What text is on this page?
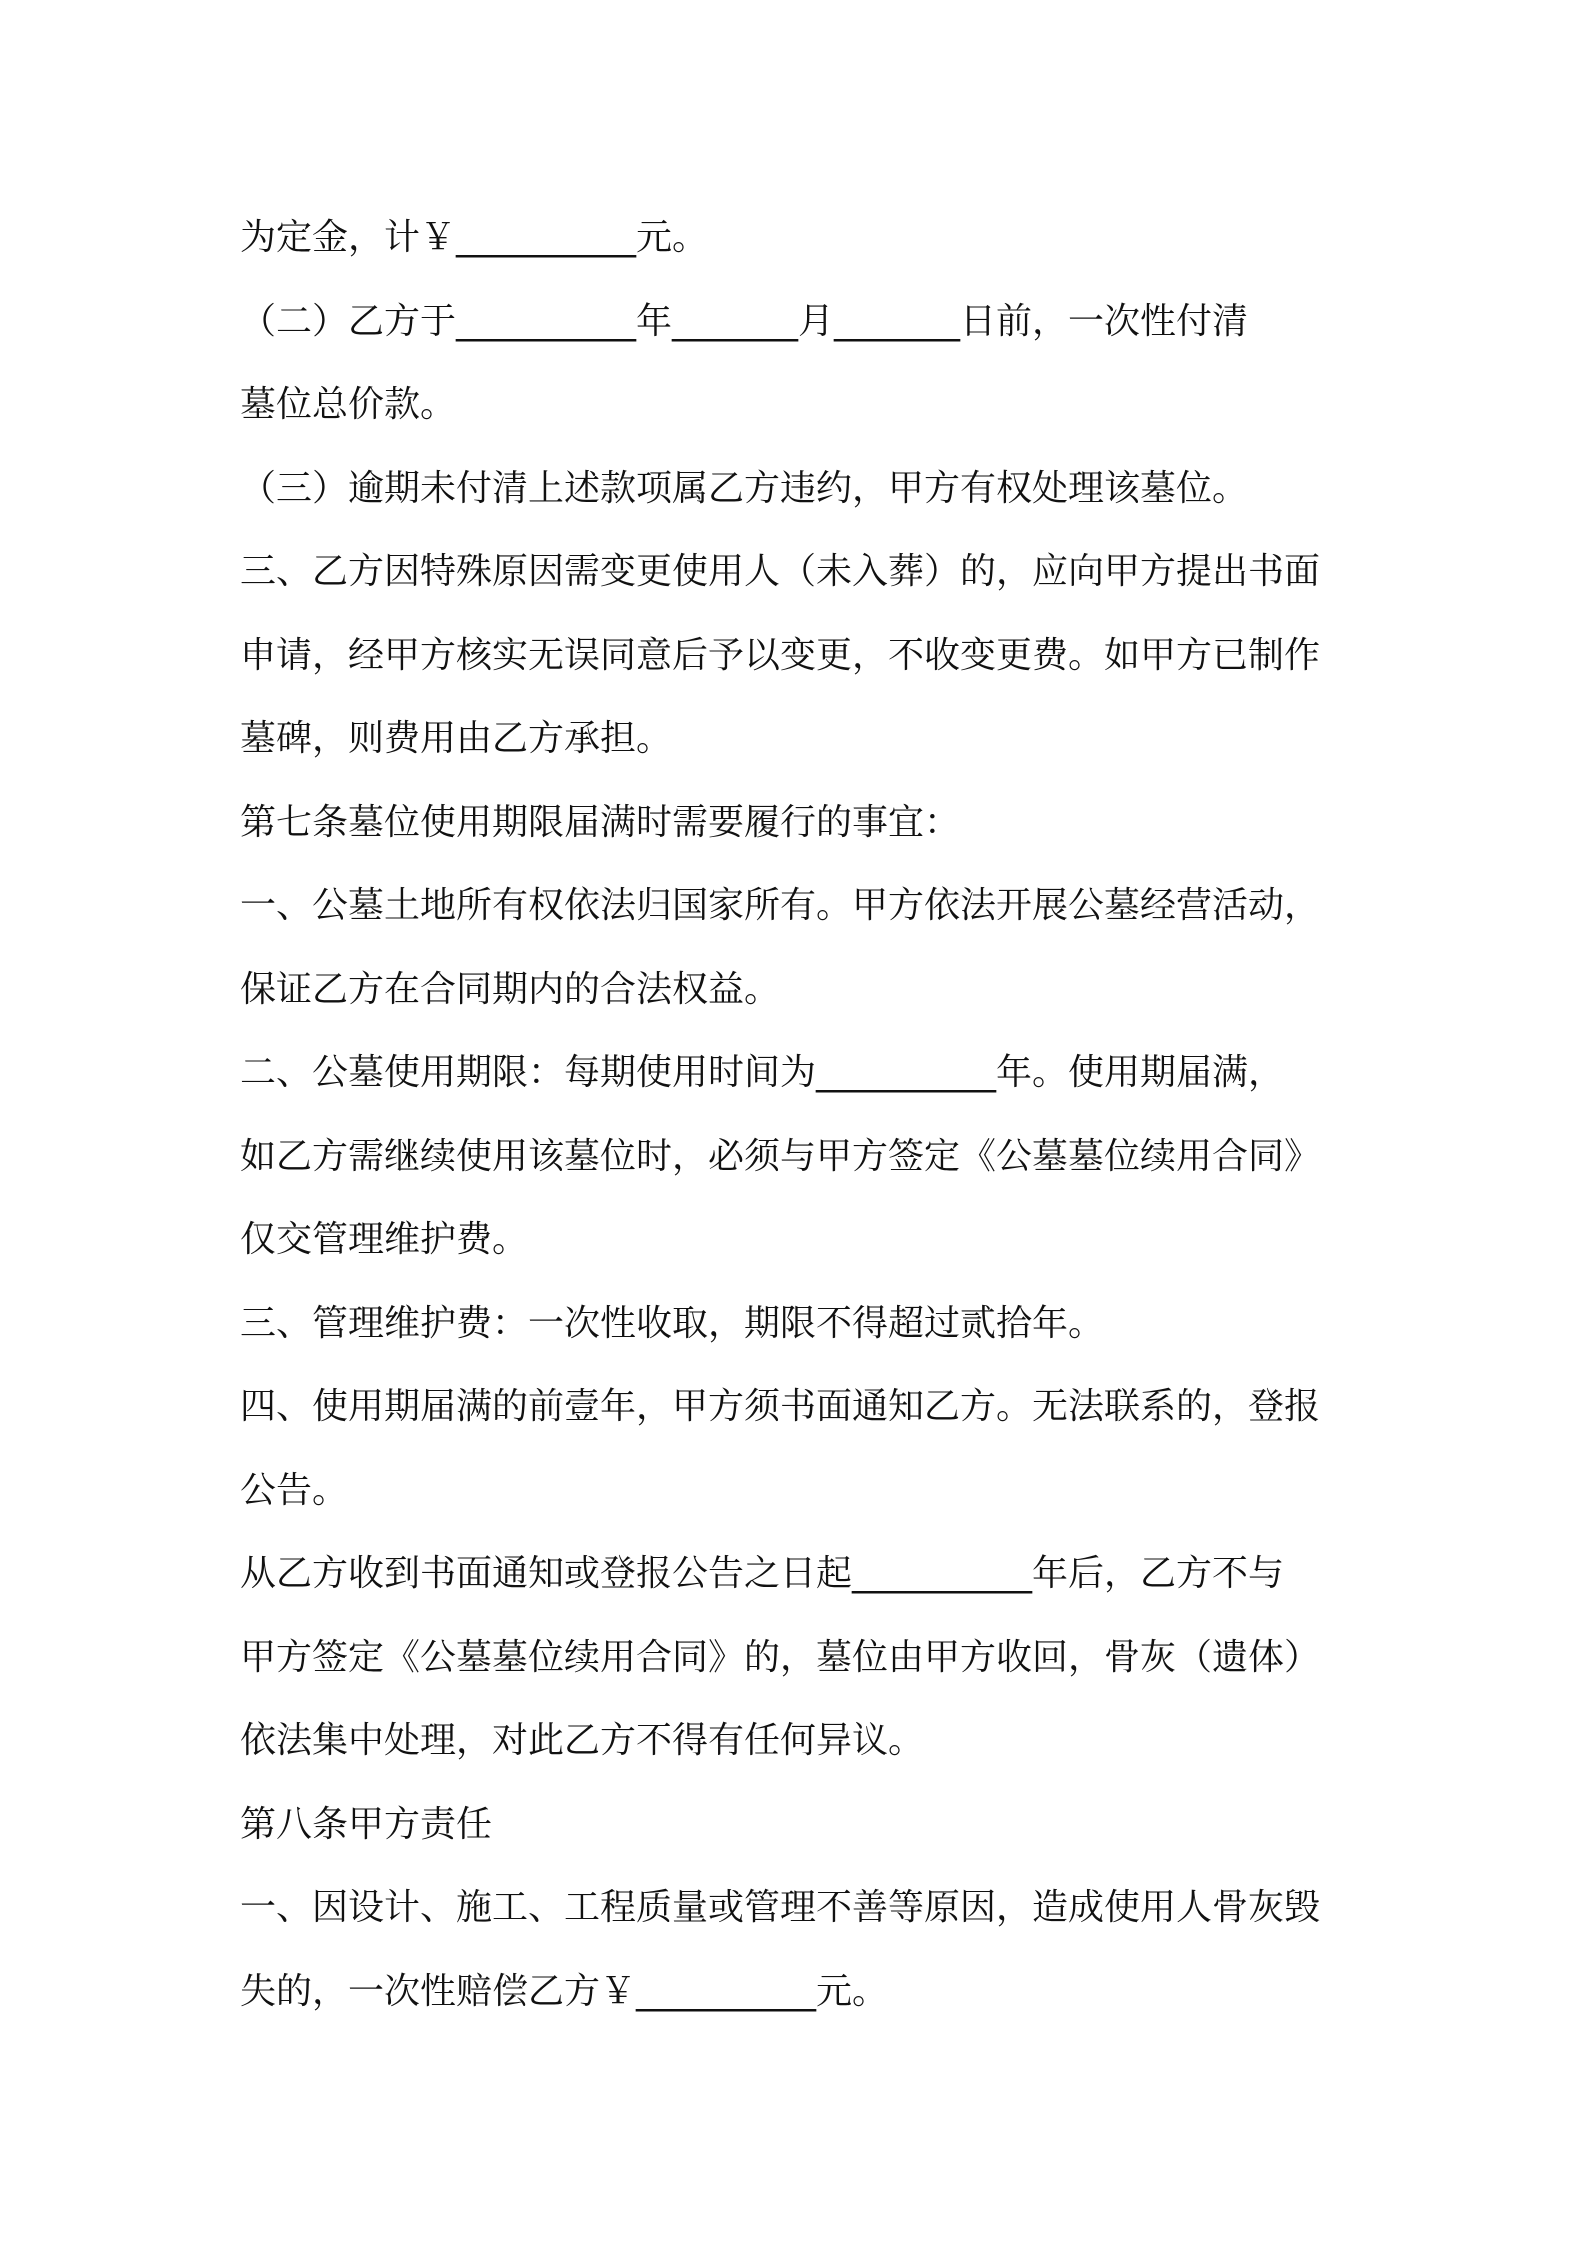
为定金，计￥__________元。
（二）乙方于__________年_______月_______日前，一次性付清
墓位总价款。
（三）逾期未付清上述款项属乙方违约，甲方有权处理该墓位。
三、乙方因特殊原因需变更使用人（未入葬）的，应向甲方提出书面
申请，经甲方核实无误同意后予以变更，不收变更费。如甲方已制作
墓碑，则费用由乙方承担。
第七条墓位使用期限届满时需要履行的事宜：
一、公墓土地所有权依法归国家所有。甲方依法开展公墓经营活动，
保证乙方在合同期内的合法权益。
二、公墓使用期限：每期使用时间为__________年。使用期届满，
如乙方需继续使用该墓位时，必须与甲方签定《公墓墓位续用合同》
仅交管理维护费。
三、管理维护费：一次性收取，期限不得超过贰拾年。
四、使用期届满的前壹年，甲方须书面通知乙方。无法联系的，登报
公告。
从乙方收到书面通知或登报公告之日起__________年后，乙方不与
甲方签定《公墓墓位续用合同》的，墓位由甲方收回，骨灰（遗体）
依法集中处理，对此乙方不得有任何异议。
第八条甲方责任
一、因设计、施工、工程质量或管理不善等原因，造成使用人骨灰毁
失的，一次性赔偿乙方￥__________元。
